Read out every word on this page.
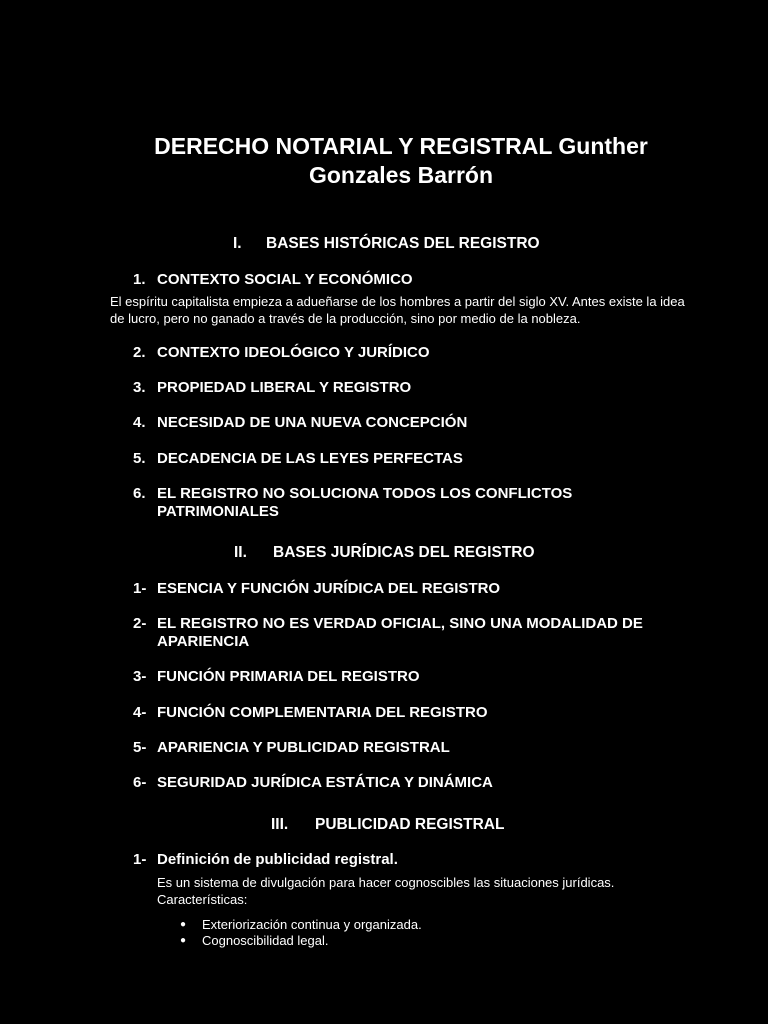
DERECHO NOTARIAL Y REGISTRAL Gunther
Gonzales Barrón
I. BASES HISTÓRICAS DEL REGISTRO
1. CONTEXTO SOCIAL Y ECONÓMICO
El espíritu capitalista empieza a adueñarse de los hombres a partir del siglo XV. Antes existe la idea de lucro, pero no ganado a través de la producción, sino por medio de la nobleza.
2. CONTEXTO IDEOLÓGICO Y JURÍDICO
3. PROPIEDAD LIBERAL Y REGISTRO
4. NECESIDAD DE UNA NUEVA CONCEPCIÓN
5. DECADENCIA DE LAS LEYES PERFECTAS
6. EL REGISTRO NO SOLUCIONA TODOS LOS CONFLICTOS PATRIMONIALES
II. BASES JURÍDICAS DEL REGISTRO
1- ESENCIA Y FUNCIÓN JURÍDICA DEL REGISTRO
2- EL REGISTRO NO ES VERDAD OFICIAL, SINO UNA MODALIDAD DE APARIENCIA
3- FUNCIÓN PRIMARIA DEL REGISTRO
4- FUNCIÓN COMPLEMENTARIA DEL REGISTRO
5- APARIENCIA Y PUBLICIDAD REGISTRAL
6- SEGURIDAD JURÍDICA ESTÁTICA Y DINÁMICA
III. PUBLICIDAD REGISTRAL
1- Definición de publicidad registral.
Es un sistema de divulgación para hacer cognoscibles las situaciones jurídicas. Características:
● Exteriorización continua y organizada.
● Cognoscibilidad legal.
